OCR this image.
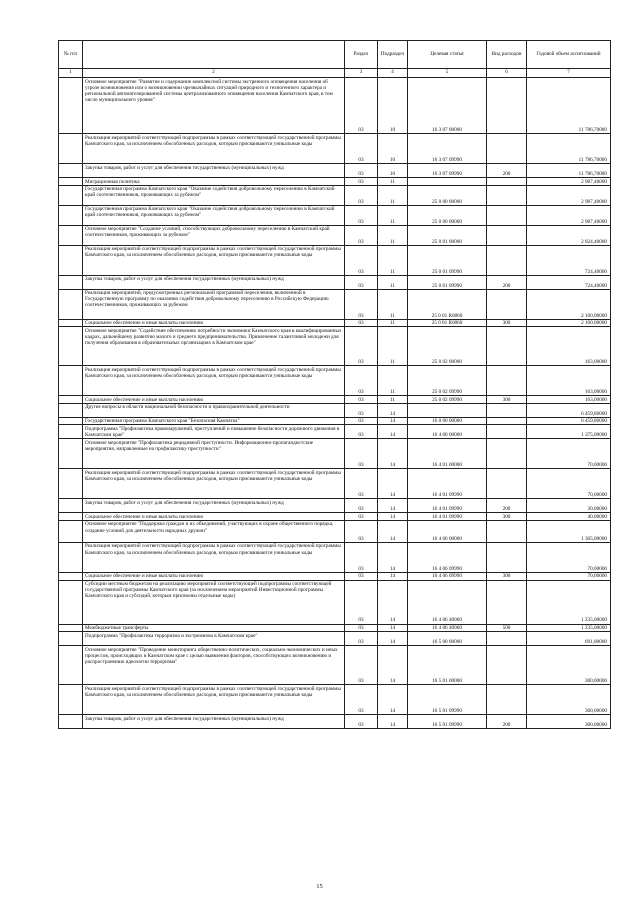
№ п/п		Раздел	Подраздел	Целевая статья	Вид расходов	Годовой объем ассигнований
1	2	3	4	5	6	7
	Основное мероприятие "Развитие и содержание комплексной системы экстренного оповещения населения об угрозе возникновения или о возникновении чрезвычайных ситуаций природного и техногенного характера и региональной автоматизированной системы централизованного оповещения населения Камчатского края, в том числе муниципального уровня"	03	10	16 3 07 00000		11 786,70000
	Реализация мероприятий соответствующей подпрограммы в рамках соответствующей государственной программы Камчатского края, за исключением обособленных расходов, которым присваиваются уникальные коды	03	10	16 3 07 09990		11 786,70000
	Закупка товаров, работ и услуг для обеспечения государственных (муниципальных) нужд	03	10	16 3 07 09990	200	11 786,70000
	Миграционная политика	03	11			2 987,40000
	Государственная программа Камчатского края "Оказание содействия добровольному переселению в Камчатский край соотечественников, проживающих за рубежом"	03	11	25 0 00 00000		2 987,40000
	Государственная программа Камчатского края "Оказание содействия добровольному переселению в Камчатский край соотечественников, проживающих за рубежом"	03	11	25 0 00 00000		2 987,40000
	Основное мероприятие "Создание условий, способствующих добровольному переселению в Камчатский край соотечественников, проживающих за рубежом"	03	11	25 0 01 00000		2 824,40000
	Реализация мероприятий соответствующей подпрограммы в рамках соответствующей государственной программы Камчатского края, за исключением обособленных расходов, которым присваиваются уникальные коды	03	11	25 0 01 09990		724,40000
	Закупка товаров, работ и услуг для обеспечения государственных (муниципальных) нужд	03	11	25 0 01 09990	200	724,40000
	Реализация мероприятий, предусмотренных региональной программой переселения, включенной в Государственную программу по оказанию содействия добровольному переселению в Российскую Федерацию соотечественников, проживающих за рубежом	03	11	25 0 01 R0860		2 100,00000
	Социальное обеспечение и иные выплаты населению	03	11	25 0 01 R0860	300	2 100,00000
	Основное мероприятие "Содействие обеспечению потребности экономики Камчатского края в квалифицированных кадрах, дальнейшему развитию малого и среднего предпринимательства. Привлечение талантливой молодежи для получения образования в образовательных организациях в Камчатском крае"	03	11	25 0 02 00000		163,00000
	Реализация мероприятий соответствующей подпрограммы в рамках соответствующей государственной программы Камчатского края, за исключением обособленных расходов, которым присваиваются уникальные коды	03	11	25 0 02 09990		163,00000
	Социальное обеспечение и иные выплаты населению	03	11	25 0 02 09990	300	163,00000
	Другие вопросы в области национальной безопасности и правоохранительной деятельности	03	14			6 459,80000
	Государственная программа Камчатского края "Безопасная Камчатка"	03	14	16 0 00 00000		6 459,80000
	Подпрограмма "Профилактика правонарушений, преступлений и повышение безопасности дорожного движения в Камчатском крае"	03	14	16 4 00 00000		1 375,00000
	Основное мероприятие "Профилактика рецидивной преступности. Информационно-пропагандистские мероприятия, направленные на профилактику преступности"	03	14	16 4 01 00000		70,00000
	Реализация мероприятий соответствующей подпрограммы в рамках соответствующей государственной программы Камчатского края, за исключением обособленных расходов, которым присваиваются уникальные коды	03	14	16 4 01 09990		70,00000
	Закупка товаров, работ и услуг для обеспечения государственных (муниципальных) нужд	03	14	16 4 01 09990	200	30,00000
	Социальное обеспечение и иные выплаты населению	03	14	16 4 01 09990	300	40,00000
	Основное мероприятие "Поддержка граждан и их объединений, участвующих в охране общественного порядка, создание условий для деятельности народных дружин"	03	14	16 4 06 00000		1 305,00000
	Реализация мероприятий соответствующей подпрограммы в рамках соответствующей государственной программы Камчатского края, за исключением обособленных расходов, которым присваиваются уникальные коды	03	14	16 4 06 09990		70,00000
	Социальное обеспечение и иные выплаты населению	03	14	16 4 06 09990	300	70,00000
	Субсидии местным бюджетам на реализацию мероприятий соответствующей подпрограммы соответствующей государственной программы Камчатского края (за исключением мероприятий Инвестиционной программы Камчатского края и субсидий, которым присвоены отдельные коды)	03	14	16 4 06 40060		1 235,00000
	Межбюджетные трансферты	03	14	16 4 06 40060	500	1 235,00000
	Подпрограмма "Профилактика терроризма и экстремизма в Камчатском крае"	03	14	16 5 00 00000		691,80000
	Основное мероприятие "Проведение мониторинга общественно-политических, социально-экономических и иных процессов, происходящих в Камчатском крае с целью выявления факторов, способствующих возникновению и распространению идеологии терроризма"	03	14	16 5 01 00000		300,00000
	Реализация мероприятий соответствующей подпрограммы в рамках соответствующей государственной программы Камчатского края, за исключением обособленных расходов, которым присваиваются уникальные коды	03	14	16 5 01 09990		300,00000
	Закупка товаров, работ и услуг для обеспечения государственных (муниципальных) нужд	03	14	16 5 01 09990	200	300,00000
15
